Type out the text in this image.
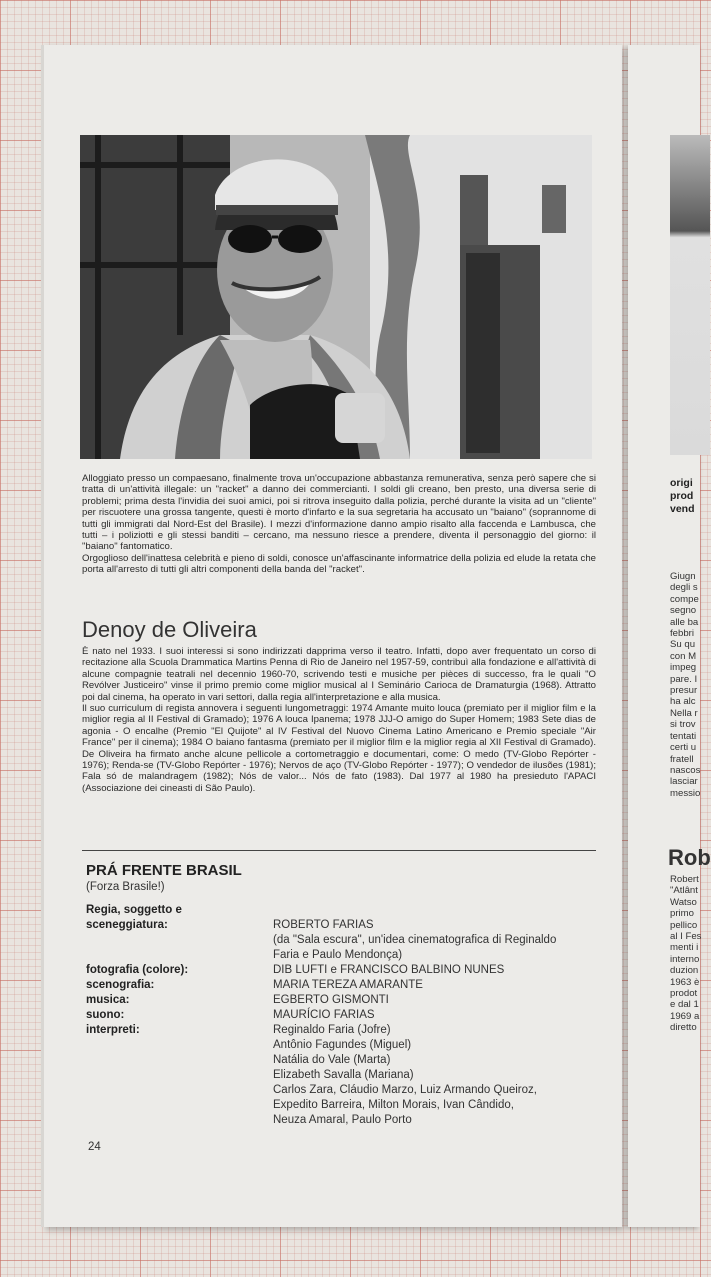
Alloggiato presso un compaesano, finalmente trova un'occupazione abbastanza remunerativa, senza però sapere che si tratta di un'attività illegale: un "racket" a danno dei commercianti. I soldi gli creano, ben presto, una diversa serie di problemi; prima desta l'invidia dei suoi amici, poi si ritrova inseguito dalla polizia, perché durante la visita ad un "cliente" per riscuotere una grossa tangente, questi è morto d'infarto e la sua segretaria ha accusato un "baiano" (soprannome di tutti gli immigrati dal Nord-Est del Brasile). I mezzi d'informazione danno ampio risalto alla faccenda e Lambusca, che tutti – i poliziotti e gli stessi banditi – cercano, ma nessuno riesce a prendere, diventa il personaggio del giorno: il "baiano" fantomatico.

Orgoglioso dell'inattesa celebrità e pieno di soldi, conosce un'affascinante informatrice della polizia ed elude la retata che porta all'arresto di tutti gli altri componenti della banda del "racket".

Denoy de Oliveira

È nato nel 1933. I suoi interessi si sono indirizzati dapprima verso il teatro. Infatti, dopo aver frequentato un corso di recitazione alla Scuola Drammatica Martins Penna di Rio de Janeiro nel 1957-59, contribuì alla fondazione e all'attività di alcune compagnie teatrali nel decennio 1960-70, scrivendo testi e musiche per pièces di successo, fra le quali "O Revólver Justiceiro" vinse il primo premio come miglior musical al I Seminário Carioca de Dramaturgia (1968). Attratto poi dal cinema, ha operato in vari settori, dalla regia all'interpretazione e alla musica.

Il suo curriculum di regista annovera i seguenti lungometraggi: 1974 Amante muito louca (premiato per il miglior film e la miglior regia al II Festival di Gramado); 1976 A louca Ipanema; 1978 JJJ-O amigo do Super Homem; 1983 Sete dias de agonia - O encalhe (Premio "El Quijote" al IV Festival del Nuovo Cinema Latino Americano e Premio speciale "Air France" per il cinema); 1984 O baiano fantasma (premiato per il miglior film e la miglior regia al XII Festival di Gramado). De Oliveira ha firmato anche alcune pellicole a cortometraggio e documentari, come: O medo (TV-Globo Repórter - 1976); Renda-se (TV-Globo Repórter - 1976); Nervos de aço (TV-Globo Repórter - 1977); O vendedor de ilusões (1981); Fala só de malandragem (1982); Nós de valor... Nós de fato (1983). Dal 1977 al 1980 ha presieduto l'APACI (Associazione dei cineasti di São Paulo).

PRÁ FRENTE BRASIL
(Forza Brasile!)
Regia, soggetto e
sceneggiatura:	ROBERTO FARIAS
(da "Sala escura", un'idea cinematografica di Reginaldo
Faria e Paulo Mendonça)
fotografia (colore):	DIB LUFTI e FRANCISCO BALBINO NUNES
scenografia:	MARIA TEREZA AMARANTE
musica:	EGBERTO GISMONTI
suono:	MAURÍCIO FARIAS
interpreti:	Reginaldo Faria (Jofre)
Antônio Fagundes (Miguel)
Natália do Vale (Marta)
Elizabeth Savalla (Mariana)
Carlos Zara, Cláudio Marzo, Luiz Armando Queiroz,
Expedito Barreira, Milton Morais, Ivan Cândido,
Neuza Amaral, Paulo Porto
24
origi
prod
vend
Giugn
degli s
compe
segno
alle ba
febbri
Su qu
con M
impeg
pare. I
presur
ha alc
Nella r
si trov
tentati
certi u
fratell
nascos
lasciar
messio
Rob
Robert
"Atlânt
Watso
primo
pellico
al I Fes
menti i
interno
duzion
1963 è
prodot
e dal 1
1969 a
diretto
